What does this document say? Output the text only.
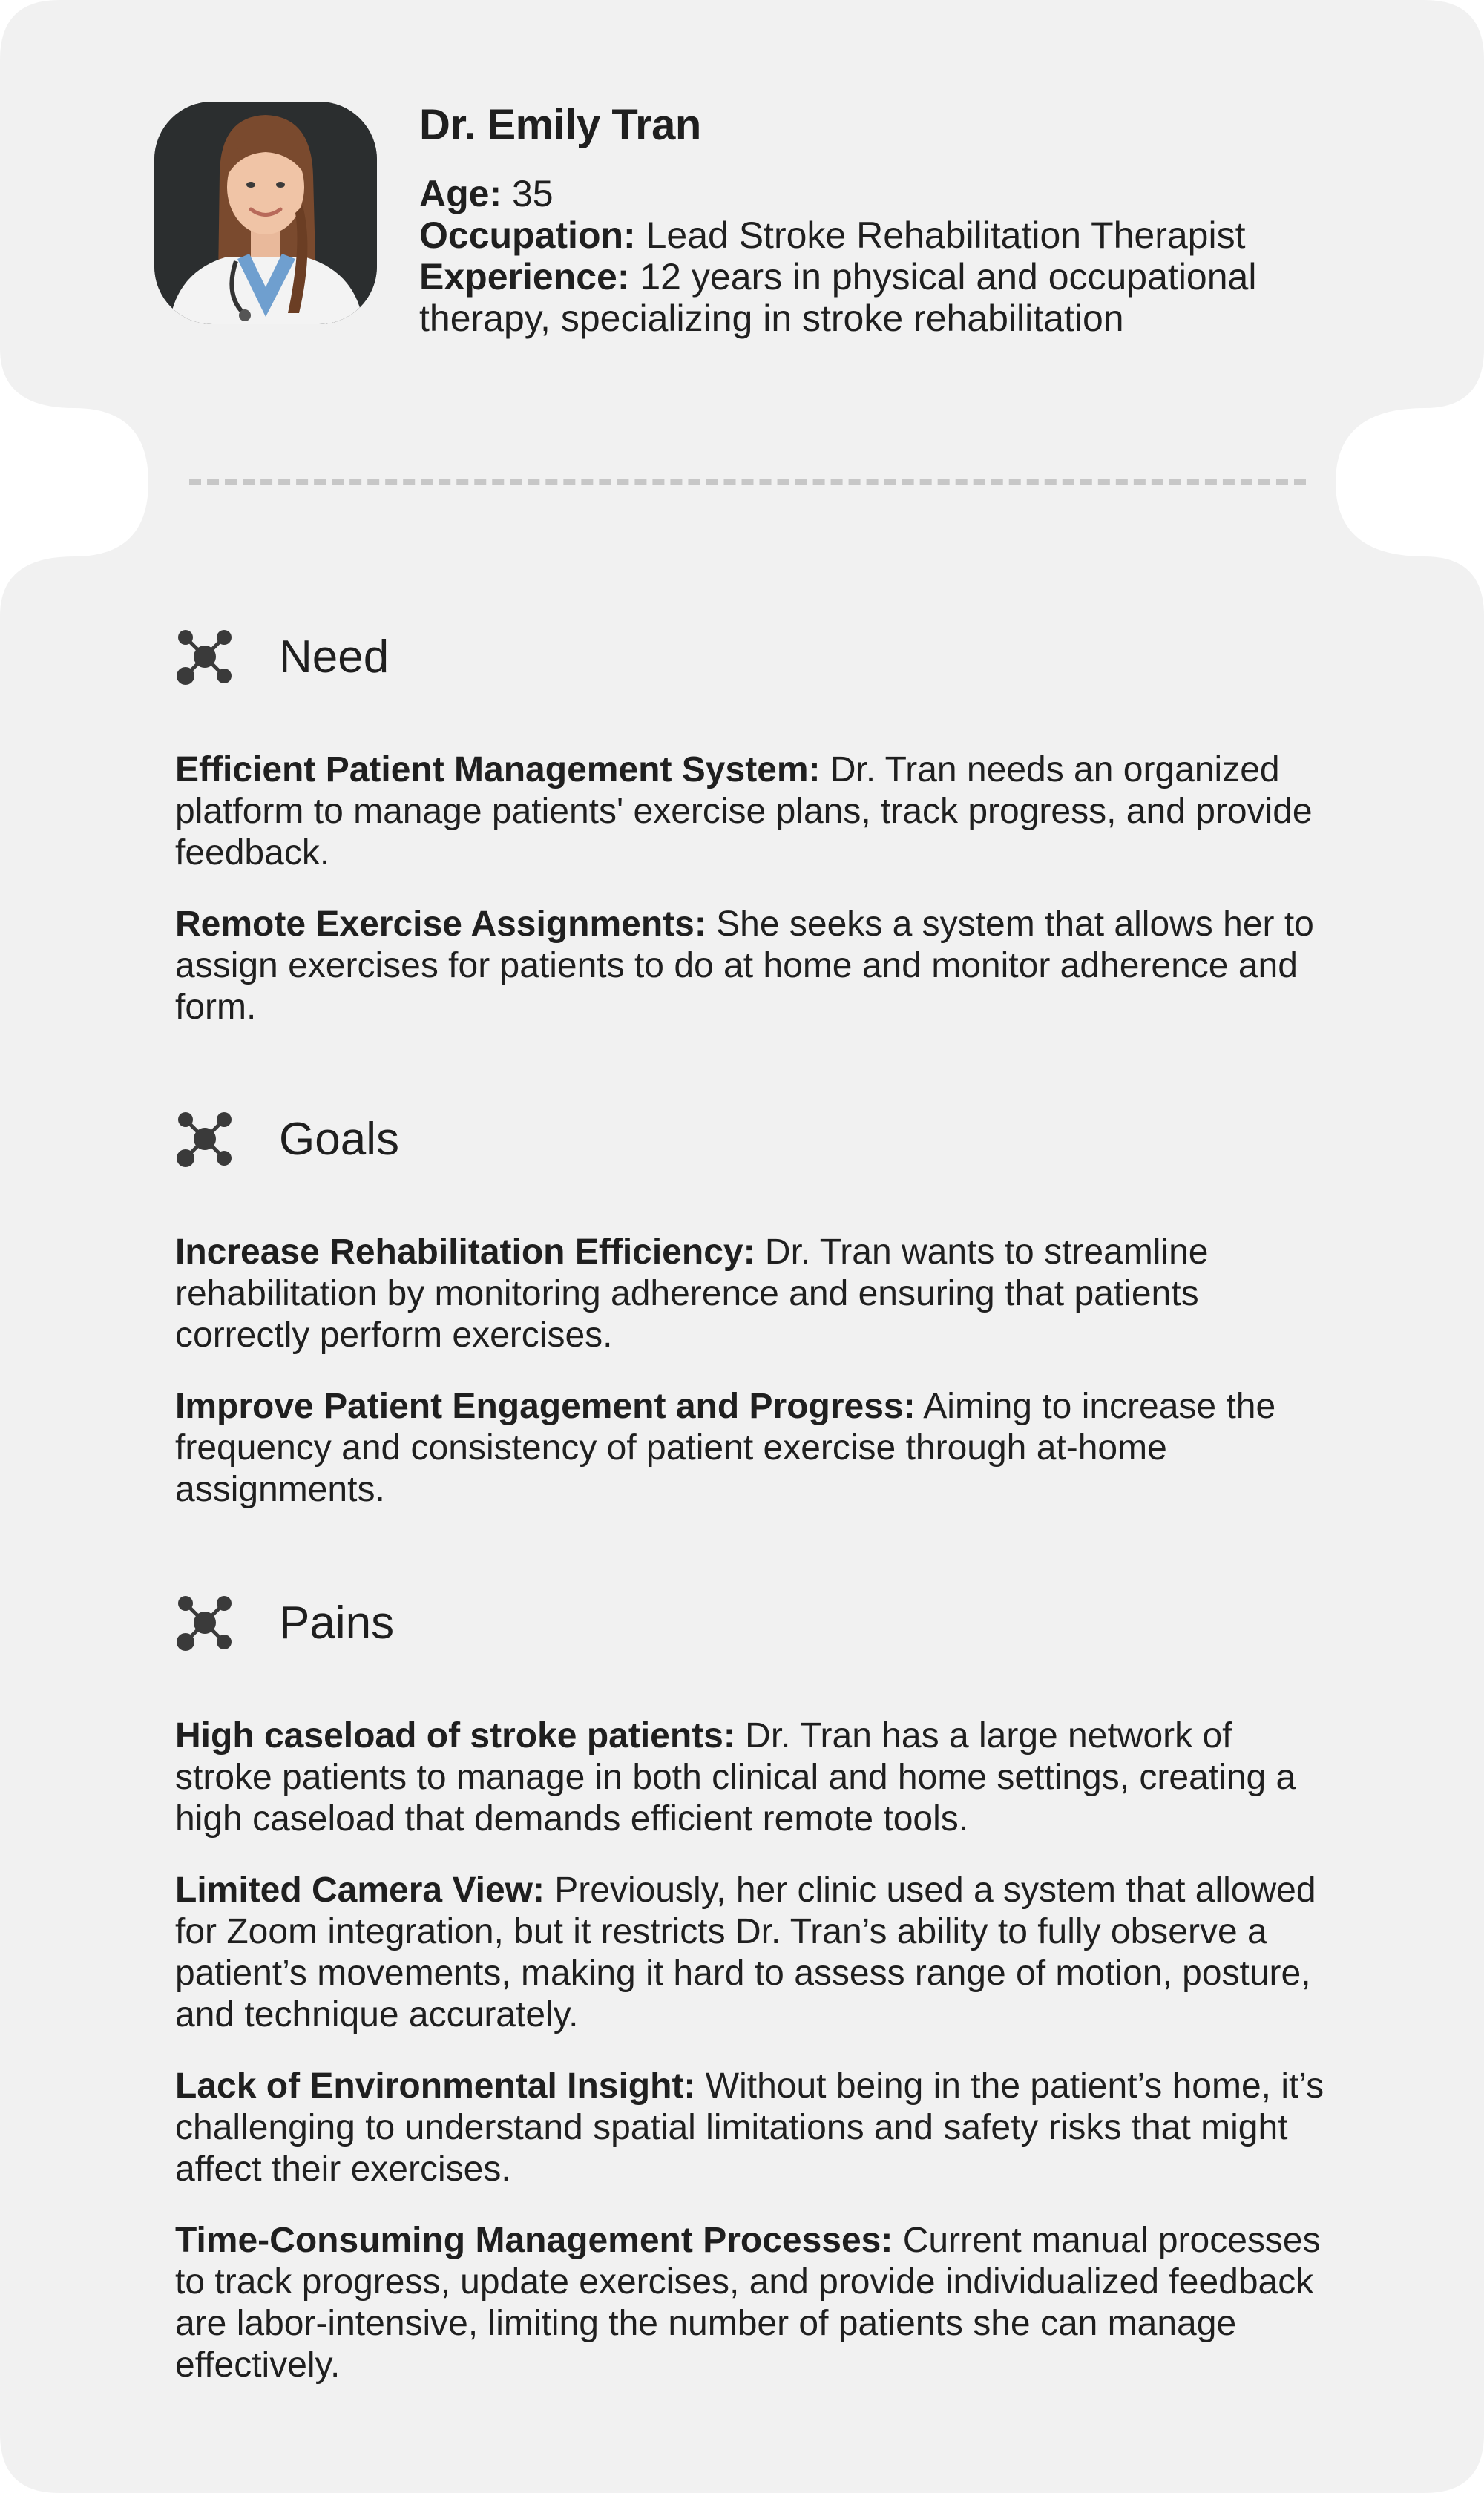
Dr. Emily Tran
Age: 35
Occupation: Lead Stroke Rehabilitation Therapist
Experience: 12 years in physical and occupational therapy, specializing in stroke rehabilitation
Need

Efficient Patient Management System: Dr. Tran needs an organized platform to manage patients' exercise plans, track progress, and provide feedback.

Remote Exercise Assignments: She seeks a system that allows her to assign exercises for patients to do at home and monitor adherence and form.

Goals

Increase Rehabilitation Efficiency: Dr. Tran wants to streamline rehabilitation by monitoring adherence and ensuring that patients correctly perform exercises.

Improve Patient Engagement and Progress: Aiming to increase the frequency and consistency of patient exercise through at-home assignments.

Pains

High caseload of stroke patients: Dr. Tran has a large network of stroke patients to manage in both clinical and home settings, creating a high caseload that demands efficient remote tools.

Limited Camera View: Previously, her clinic used a system that allowed for Zoom integration, but it restricts Dr. Tran’s ability to fully observe a patient’s movements, making it hard to assess range of motion, posture, and technique accurately.

Lack of Environmental Insight: Without being in the patient’s home, it’s challenging to understand spatial limitations and safety risks that might affect their exercises.

Time-Consuming Management Processes: Current manual processes to track progress, update exercises, and provide individualized feedback are labor-intensive, limiting the number of patients she can manage effectively.
